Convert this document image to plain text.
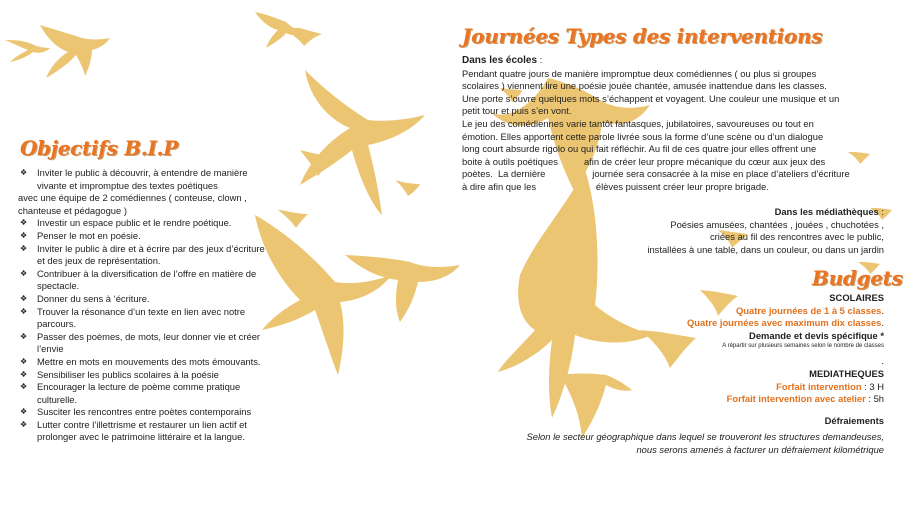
Objectifs B.I.P
❖ Inviter le public à découvrir, à entendre de manière
vivante et impromptue des textes poétiques
avec une équipe de 2 comédiennes ( conteuse, clown ,
chanteuse et pédagogue )
❖ Investir un espace public et le rendre poétique.
❖ Penser le mot en poésie.
❖ Inviter le public à dire et à écrire par des jeux d’écriture
et des jeux de représentation.
❖ Contribuer à la diversification de l’offre en matière de
spectacle.
❖ Donner du sens à ‘écriture.
❖ Trouver la résonance d’un texte en lien avec notre
parcours.
❖ Passer des poèmes, de mots, leur donner vie et créer
l’envie
❖ Mettre en mots en mouvements des mots émouvants.
❖ Sensibiliser les publics scolaires à la poésie
❖ Encourager la lecture de poème comme pratique
culturelle.
❖ Susciter les rencontres entre poètes contemporains
❖ Lutter contre l’illettrisme et restaurer un lien actif et
prolonger avec le patrimoine littéraire et la langue.
Journées Types des interventions
Dans les écoles :
Pendant quatre jours de manière impromptue deux comédiennes ( ou plus si groupes
scolaires ) viennent lire une poésie jouée chantée, amusée inattendue dans les classes.
Une porte s’ouvre quelques mots s’échappent et voyagent. Une couleur une musique et un
petit tour et puis s’en vont.
Le jeu des comédiennes varie tantôt fantasques, jubilatoires, savoureuses ou tout en
émotion. Elles apportent cette parole livrée sous la forme d’une scène ou d’un dialogue
long court absurde rigolo ou qui fait réfléchir. Au fil de ces quatre jour elles offrent une
boite à outils poétiques          afin de créer leur propre mécanique du cœur aux jeux des
poètes.  La dernière                  journée sera consacrée à la mise en place d’ateliers d’écriture
à dire afin que les                       élèves puissent créer leur propre brigade.
Dans les médiathèques :
Poésies amusées, chantées , jouées , chuchotées ,
criées au fil des rencontres avec le public,
installées à une table, dans un couleur, ou dans un jardin
Budgets
SCOLAIRES
Quatre journées de 1 à 5 classes.
Quatre journées avec maximum dix classes.
Demande et devis spécifique *
A répartir sur plusieurs semaines selon le nombre de classes
.
MEDIATHEQUES
Forfait intervention : 3 H
Forfait intervention avec atelier : 5h
Défraiements
Selon le secteur géographique dans lequel se trouveront les structures demandeuses,
nous serons amenés à facturer un défraiement kilométrique
